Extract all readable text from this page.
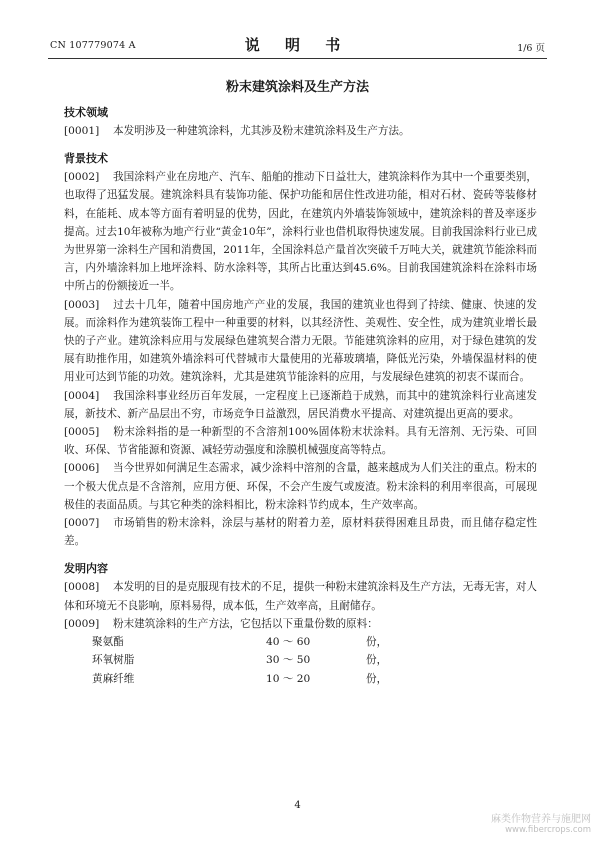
CN 107779074 A	说 明 书	1/6 页
粉末建筑涂料及生产方法
技术领域
[0001] 本发明涉及一种建筑涂料，尤其涉及粉末建筑涂料及生产方法。
背景技术
[0002] 我国涂料产业在房地产、汽车、船舶的推动下日益壮大，建筑涂料作为其中一个重要类别，也取得了迅猛发展。建筑涂料具有装饰功能、保护功能和居住性改进功能，相对石材、瓷砖等装修材料，在能耗、成本等方面有着明显的优势，因此，在建筑内外墙装饰领域中，建筑涂料的普及率逐步提高。过去10年被称为地产行业“黄金10年”，涂料行业也借机取得快速发展。目前我国涂料行业已成为世界第一涂料生产国和消费国，2011年，全国涂料总产量首次突破千万吨大关，就建筑节能涂料而言，内外墙涂料加上地坪涂料、防水涂料等，其所占比重达到45.6%。目前我国建筑涂料在涂料市场中所占的份额接近一半。
[0003] 过去十几年，随着中国房地产产业的发展，我国的建筑业也得到了持续、健康、快速的发展。而涂料作为建筑装饰工程中一种重要的材料，以其经济性、美观性、安全性，成为建筑业增长最快的子产业。建筑涂料应用与发展绿色建筑契合潜力无限。节能建筑涂料的应用，对于绿色建筑的发展有助推作用，如建筑外墙涂料可代替城市大量使用的光幕玻璃墙，降低光污染，外墙保温材料的使用业可达到节能的功效。建筑涂料，尤其是建筑节能涂料的应用，与发展绿色建筑的初衷不谋而合。
[0004] 我国涂料事业经历百年发展，一定程度上已逐渐趋于成熟，而其中的建筑涂料行业高速发展，新技术、新产品层出不穷，市场竞争日益激烈，居民消费水平提高、对建筑提出更高的要求。
[0005] 粉末涂料指的是一种新型的不含溶剂100%固体粉末状涂料。具有无溶剂、无污染、可回收、环保、节省能源和资源、减轻劳动强度和涂膜机械强度高等特点。
[0006] 当今世界如何满足生态需求，减少涂料中溶剂的含量，越来越成为人们关注的重点。粉末的一个极大优点是不含溶剂，应用方便、环保，不会产生废气或废渣。粉末涂料的利用率很高，可展现极佳的表面品质。与其它种类的涂料相比，粉末涂料节约成本，生产效率高。
[0007] 市场销售的粉末涂料，涂层与基材的附着力差，原材料获得困难且昂贵，而且储存稳定性差。
发明内容
[0008] 本发明的目的是克服现有技术的不足，提供一种粉末建筑涂料及生产方法，无毒无害，对人体和环境无不良影响，原料易得，成本低，生产效率高，且耐储存。
[0009] 粉末建筑涂料的生产方法，它包括以下重量份数的原料：
聚氨酯	40 ～ 60	份，
环氧树脂	30 ～ 50	份，
黄麻纤维	10 ～ 20	份，
4
麻类作物营养与施肥网
www.fibercrops.com
